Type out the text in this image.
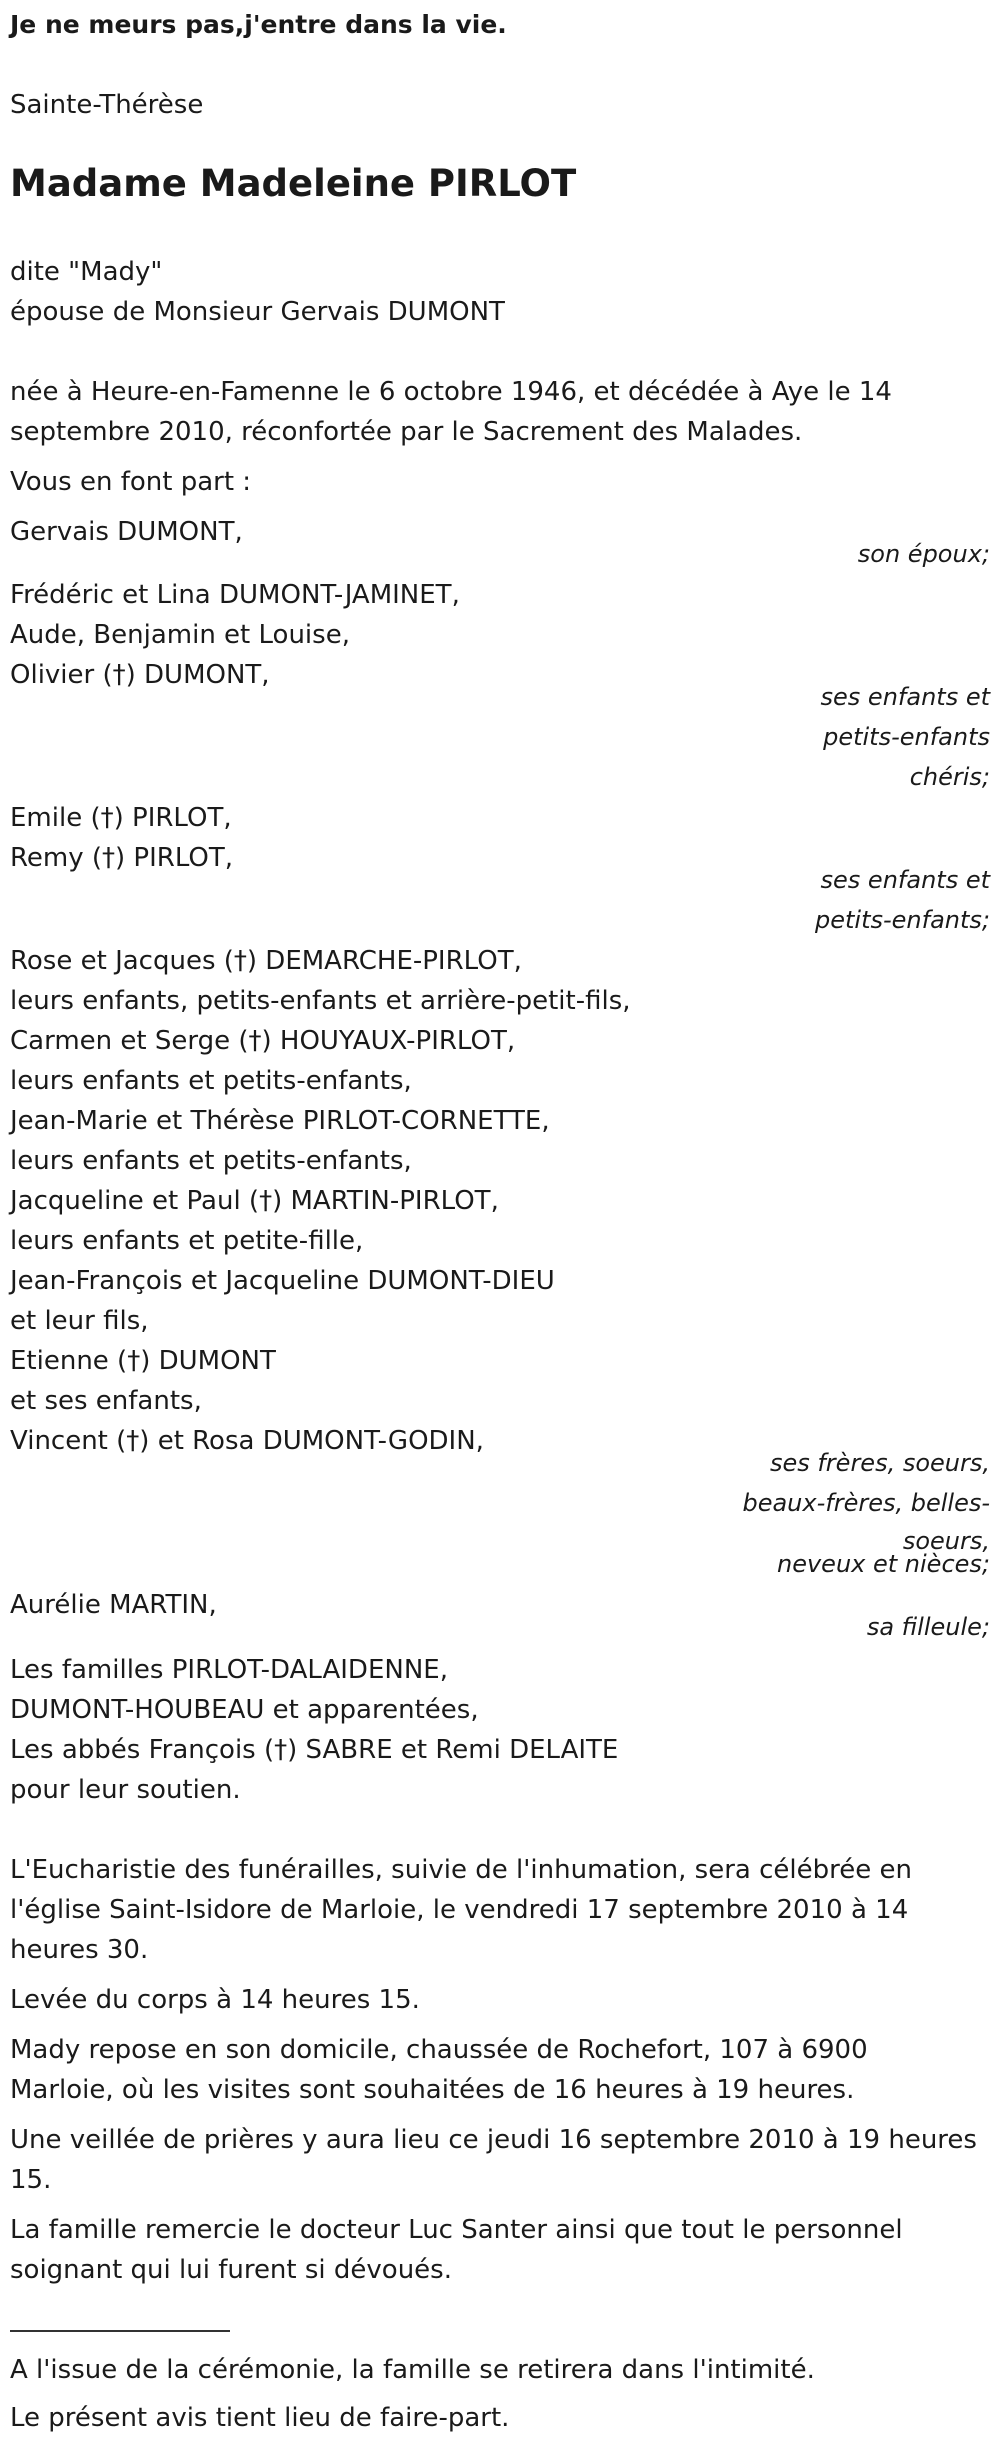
Je ne meurs pas,j'entre dans la vie.
Sainte-Thérèse
Madame Madeleine PIRLOT
dite "Mady"
épouse de Monsieur Gervais DUMONT
née à Heure-en-Famenne le 6 octobre 1946, et décédée à Aye le 14
septembre 2010, réconfortée par le Sacrement des Malades.
Vous en font part :
Gervais DUMONT,
son époux;
Frédéric et Lina DUMONT-JAMINET,
Aude, Benjamin et Louise,
Olivier (†) DUMONT,
ses enfants et
petits-enfants
chéris;
Emile (†) PIRLOT,
Remy (†) PIRLOT,
ses enfants et
petits-enfants;
Rose et Jacques (†) DEMARCHE-PIRLOT,
leurs enfants, petits-enfants et arrière-petit-fils,
Carmen et Serge (†) HOUYAUX-PIRLOT,
leurs enfants et petits-enfants,
Jean-Marie et Thérèse PIRLOT-CORNETTE,
leurs enfants et petits-enfants,
Jacqueline et Paul (†) MARTIN-PIRLOT,
leurs enfants et petite-fille,
Jean-François et Jacqueline DUMONT-DIEU
et leur fils,
Etienne (†) DUMONT
et ses enfants,
Vincent (†) et Rosa DUMONT-GODIN,
ses frères, soeurs,
beaux-frères, belles-
soeurs,
neveux et nièces;
Aurélie MARTIN,
sa filleule;
Les familles PIRLOT-DALAIDENNE,
DUMONT-HOUBEAU et apparentées,
Les abbés François (†) SABRE et Remi DELAITE
pour leur soutien.
L'Eucharistie des funérailles, suivie de l'inhumation, sera célébrée en
l'église Saint-Isidore de Marloie, le vendredi 17 septembre 2010 à 14
heures 30.
Levée du corps à 14 heures 15.
Mady repose en son domicile, chaussée de Rochefort, 107 à 6900
Marloie, où les visites sont souhaitées de 16 heures à 19 heures.
Une veillée de prières y aura lieu ce jeudi 16 septembre 2010 à 19 heures
15.
La famille remercie le docteur Luc Santer ainsi que tout le personnel
soignant qui lui furent si dévoués.
A l'issue de la cérémonie, la famille se retirera dans l'intimité.
Le présent avis tient lieu de faire-part.
